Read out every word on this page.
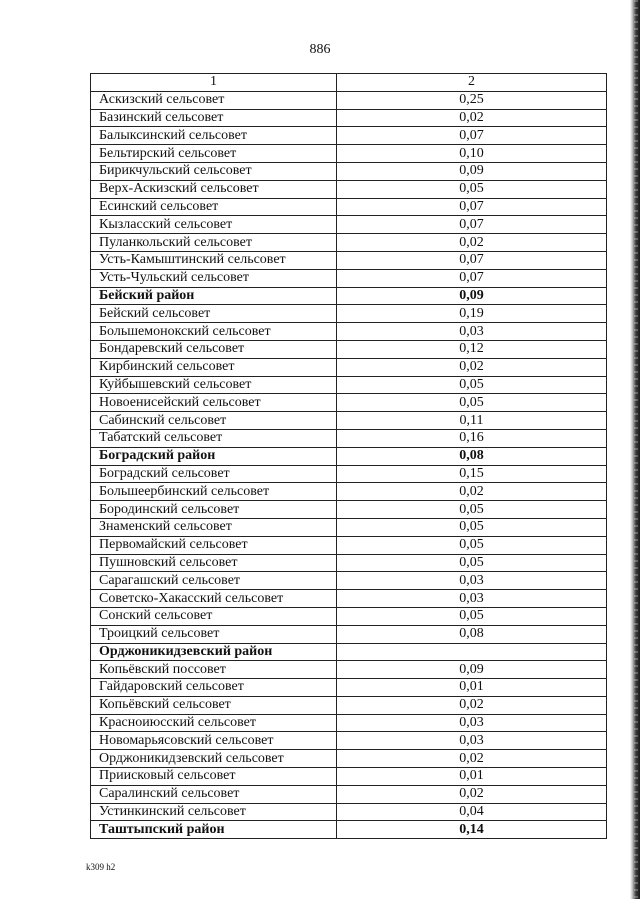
886
1	2
Аскизский сельсовет	0,25
Базинский сельсовет	0,02
Балыксинский сельсовет	0,07
Бельтирский сельсовет	0,10
Бирикчульский сельсовет	0,09
Верх-Аскизский сельсовет	0,05
Есинский сельсовет	0,07
Кызласский сельсовет	0,07
Пуланкольский сельсовет	0,02
Усть-Камыштинский сельсовет	0,07
Усть-Чульский сельсовет	0,07
Бейский район	0,09
Бейский сельсовет	0,19
Большемонокский сельсовет	0,03
Бондаревский сельсовет	0,12
Кирбинский сельсовет	0,02
Куйбышевский сельсовет	0,05
Новоенисейский сельсовет	0,05
Сабинский сельсовет	0,11
Табатский сельсовет	0,16
Боградский район	0,08
Боградский сельсовет	0,15
Большеербинский сельсовет	0,02
Бородинский сельсовет	0,05
Знаменский сельсовет	0,05
Первомайский сельсовет	0,05
Пушновский сельсовет	0,05
Сарагашский сельсовет	0,03
Советско-Хакасский сельсовет	0,03
Сонский сельсовет	0,05
Троицкий сельсовет	0,08
Орджоникидзевский район	
Копьёвский поссовет	0,09
Гайдаровский сельсовет	0,01
Копьёвский сельсовет	0,02
Красноиюсский сельсовет	0,03
Новомарьясовский сельсовет	0,03
Орджоникидзевский сельсовет	0,02
Приисковый сельсовет	0,01
Саралинский сельсовет	0,02
Устинкинский сельсовет	0,04
Таштыпский район	0,14
k309 h2
